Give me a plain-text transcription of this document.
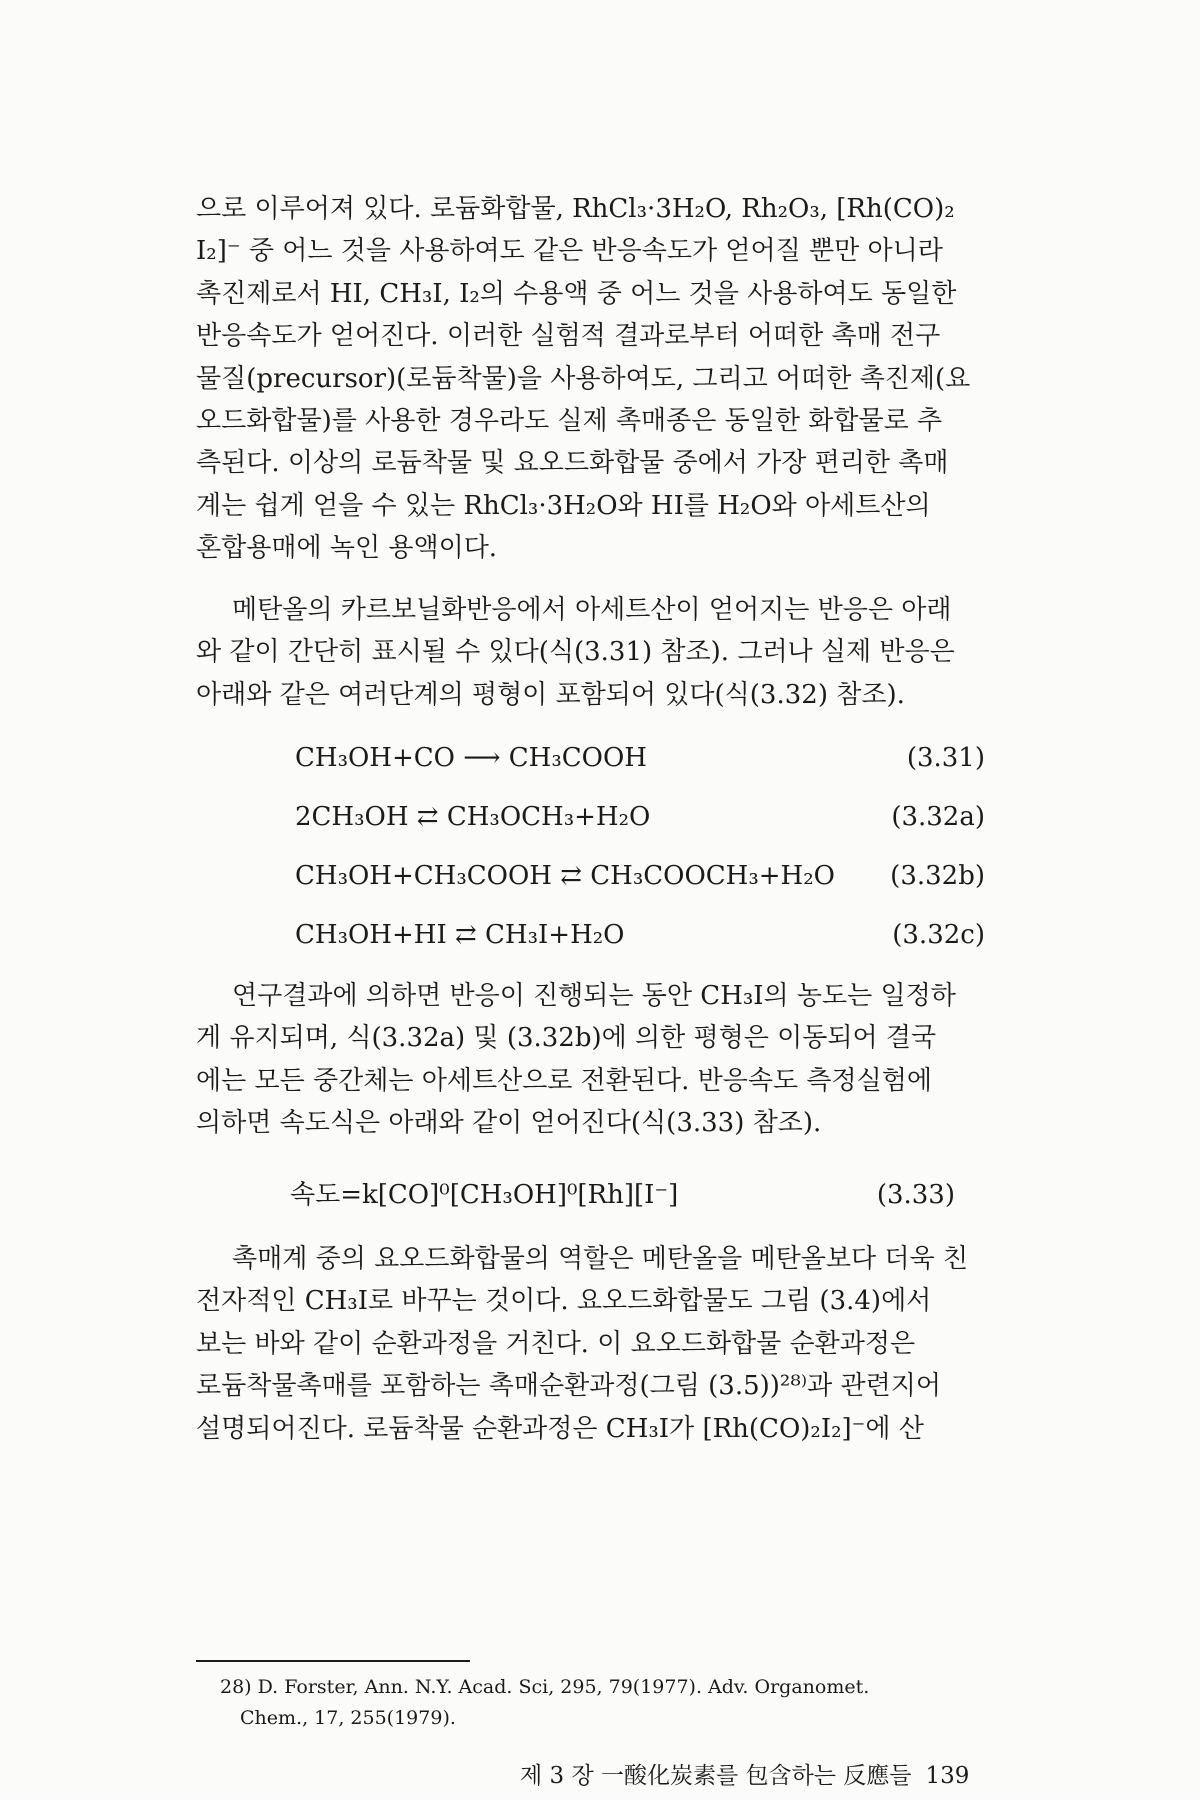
으로 이루어져 있다. 로듐화합물, RhCl₃·3H₂O, Rh₂O₃, [Rh(CO)₂
I₂]⁻ 중 어느 것을 사용하여도 같은 반응속도가 얻어질 뿐만 아니라
촉진제로서 HI, CH₃I, I₂의 수용액 중 어느 것을 사용하여도 동일한
반응속도가 얻어진다. 이러한 실험적 결과로부터 어떠한 촉매 전구
물질(precursor)(로듐착물)을 사용하여도, 그리고 어떠한 촉진제(요
오드화합물)를 사용한 경우라도 실제 촉매종은 동일한 화합물로 추
측된다. 이상의 로듐착물 및 요오드화합물 중에서 가장 편리한 촉매
계는 쉽게 얻을 수 있는 RhCl₃·3H₂O와 HI를 H₂O와 아세트산의
혼합용매에 녹인 용액이다.
메탄올의 카르보닐화반응에서 아세트산이 얻어지는 반응은 아래
와 같이 간단히 표시될 수 있다(식(3.31) 참조). 그러나 실제 반응은
아래와 같은 여러단계의 평형이 포함되어 있다(식(3.32) 참조).
CH₃OH+CO ⟶ CH₃COOH	(3.31)
2CH₃OH ⇄ CH₃OCH₃+H₂O	(3.32a)
CH₃OH+CH₃COOH ⇄ CH₃COOCH₃+H₂O (3.32b)
CH₃OH+HI ⇄ CH₃I+H₂O	(3.32c)
연구결과에 의하면 반응이 진행되는 동안 CH₃I의 농도는 일정하
게 유지되며, 식(3.32a) 및 (3.32b)에 의한 평형은 이동되어 결국
에는 모든 중간체는 아세트산으로 전환된다. 반응속도 측정실험에
의하면 속도식은 아래와 같이 얻어진다(식(3.33) 참조).
속도=k[CO]⁰[CH₃OH]⁰[Rh][I⁻]	(3.33)
촉매계 중의 요오드화합물의 역할은 메탄올을 메탄올보다 더욱 친
전자적인 CH₃I로 바꾸는 것이다. 요오드화합물도 그림 (3.4)에서
보는 바와 같이 순환과정을 거친다. 이 요오드화합물 순환과정은
로듐착물촉매를 포함하는 촉매순환과정(그림 (3.5))²⁸⁾과 관련지어
설명되어진다. 로듐착물 순환과정은 CH₃I가 [Rh(CO)₂I₂]⁻에 산
28) D. Forster, Ann. N.Y. Acad. Sci, 295, 79(1977). Adv. Organomet.
Chem., 17, 255(1979).
제 3 장 一酸化炭素를 包含하는 反應들 139
